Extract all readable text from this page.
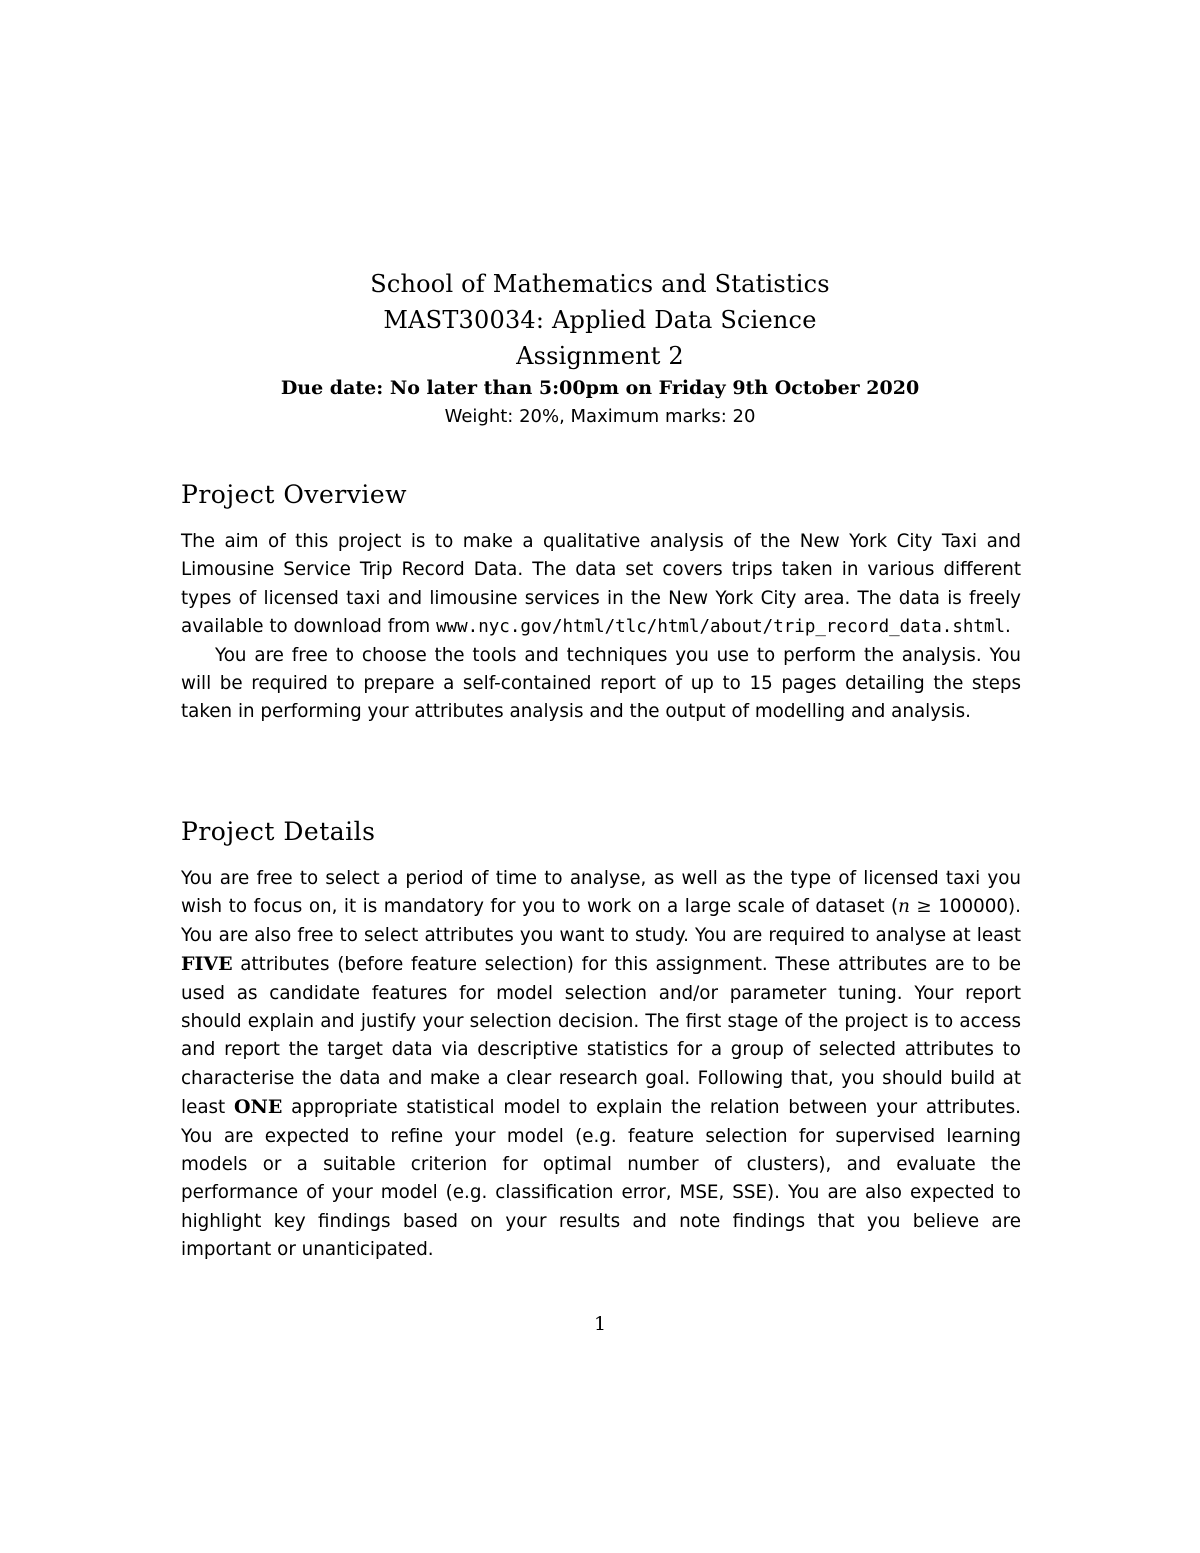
School of Mathematics and Statistics
MAST30034: Applied Data Science
Assignment 2
Due date: No later than 5:00pm on Friday 9th October 2020
Weight: 20%, Maximum marks: 20
Project Overview

The aim of this project is to make a qualitative analysis of the New York City Taxi and Limousine Service Trip Record Data. The data set covers trips taken in various different types of licensed taxi and limousine services in the New York City area. The data is freely available to download from www.nyc.gov/html/tlc/html/about/trip_record_data.shtml.

You are free to choose the tools and techniques you use to perform the analysis. You will be required to prepare a self-contained report of up to 15 pages detailing the steps taken in performing your attributes analysis and the output of modelling and analysis.

Project Details

You are free to select a period of time to analyse, as well as the type of licensed taxi you wish to focus on, it is mandatory for you to work on a large scale of dataset (n ≥ 100000). You are also free to select attributes you want to study. You are required to analyse at least FIVE attributes (before feature selection) for this assignment. These attributes are to be used as candidate features for model selection and/or parameter tuning. Your report should explain and justify your selection decision. The first stage of the project is to access and report the target data via descriptive statistics for a group of selected attributes to characterise the data and make a clear research goal. Following that, you should build at least ONE appropriate statistical model to explain the relation between your attributes. You are expected to refine your model (e.g. feature selection for supervised learning models or a suitable criterion for optimal number of clusters), and evaluate the performance of your model (e.g. classification error, MSE, SSE). You are also expected to highlight key findings based on your results and note findings that you believe are important or unanticipated.

1
